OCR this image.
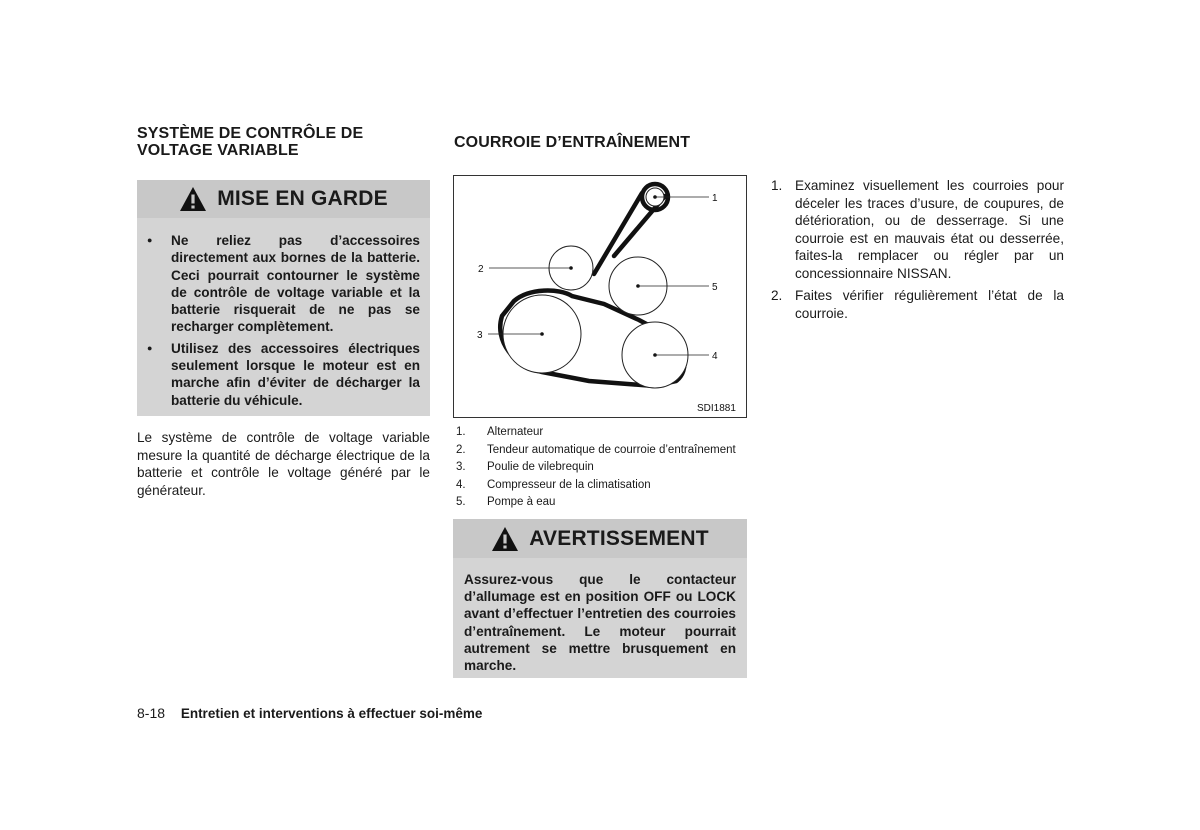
SYSTÈME DE CONTRÔLE DE VOLTAGE VARIABLE
MISE EN GARDE
● Ne reliez pas d’accessoires directement aux bornes de la batterie. Ceci pourrait contourner le système de contrôle de voltage variable et la batterie risquerait de ne pas se recharger complètement.
● Utilisez des accessoires électriques seulement lorsque le moteur est en marche afin d’éviter de décharger la batterie du véhicule.
Le système de contrôle de voltage variable mesure la quantité de décharge électrique de la batterie et contrôle le voltage généré par le générateur.
COURROIE D’ENTRAÎNEMENT
1
2
3
4
5
SDI1881
1.	Alternateur
2.	Tendeur automatique de courroie d’entraînement
3.	Poulie de vilebrequin
4.	Compresseur de la climatisation
5.	Pompe à eau
AVERTISSEMENT
Assurez-vous que le contacteur d’allumage est en position OFF ou LOCK avant d’effectuer l’entretien des courroies d’entraînement. Le moteur pourrait autrement se mettre brusquement en marche.
1. Examinez visuellement les courroies pour déceler les traces d’usure, de coupures, de détérioration, ou de desserrage. Si une courroie est en mauvais état ou desserrée, faites-la remplacer ou régler par un concessionnaire NISSAN.
2. Faites vérifier régulièrement l’état de la courroie.
8-18 Entretien et interventions à effectuer soi-même
